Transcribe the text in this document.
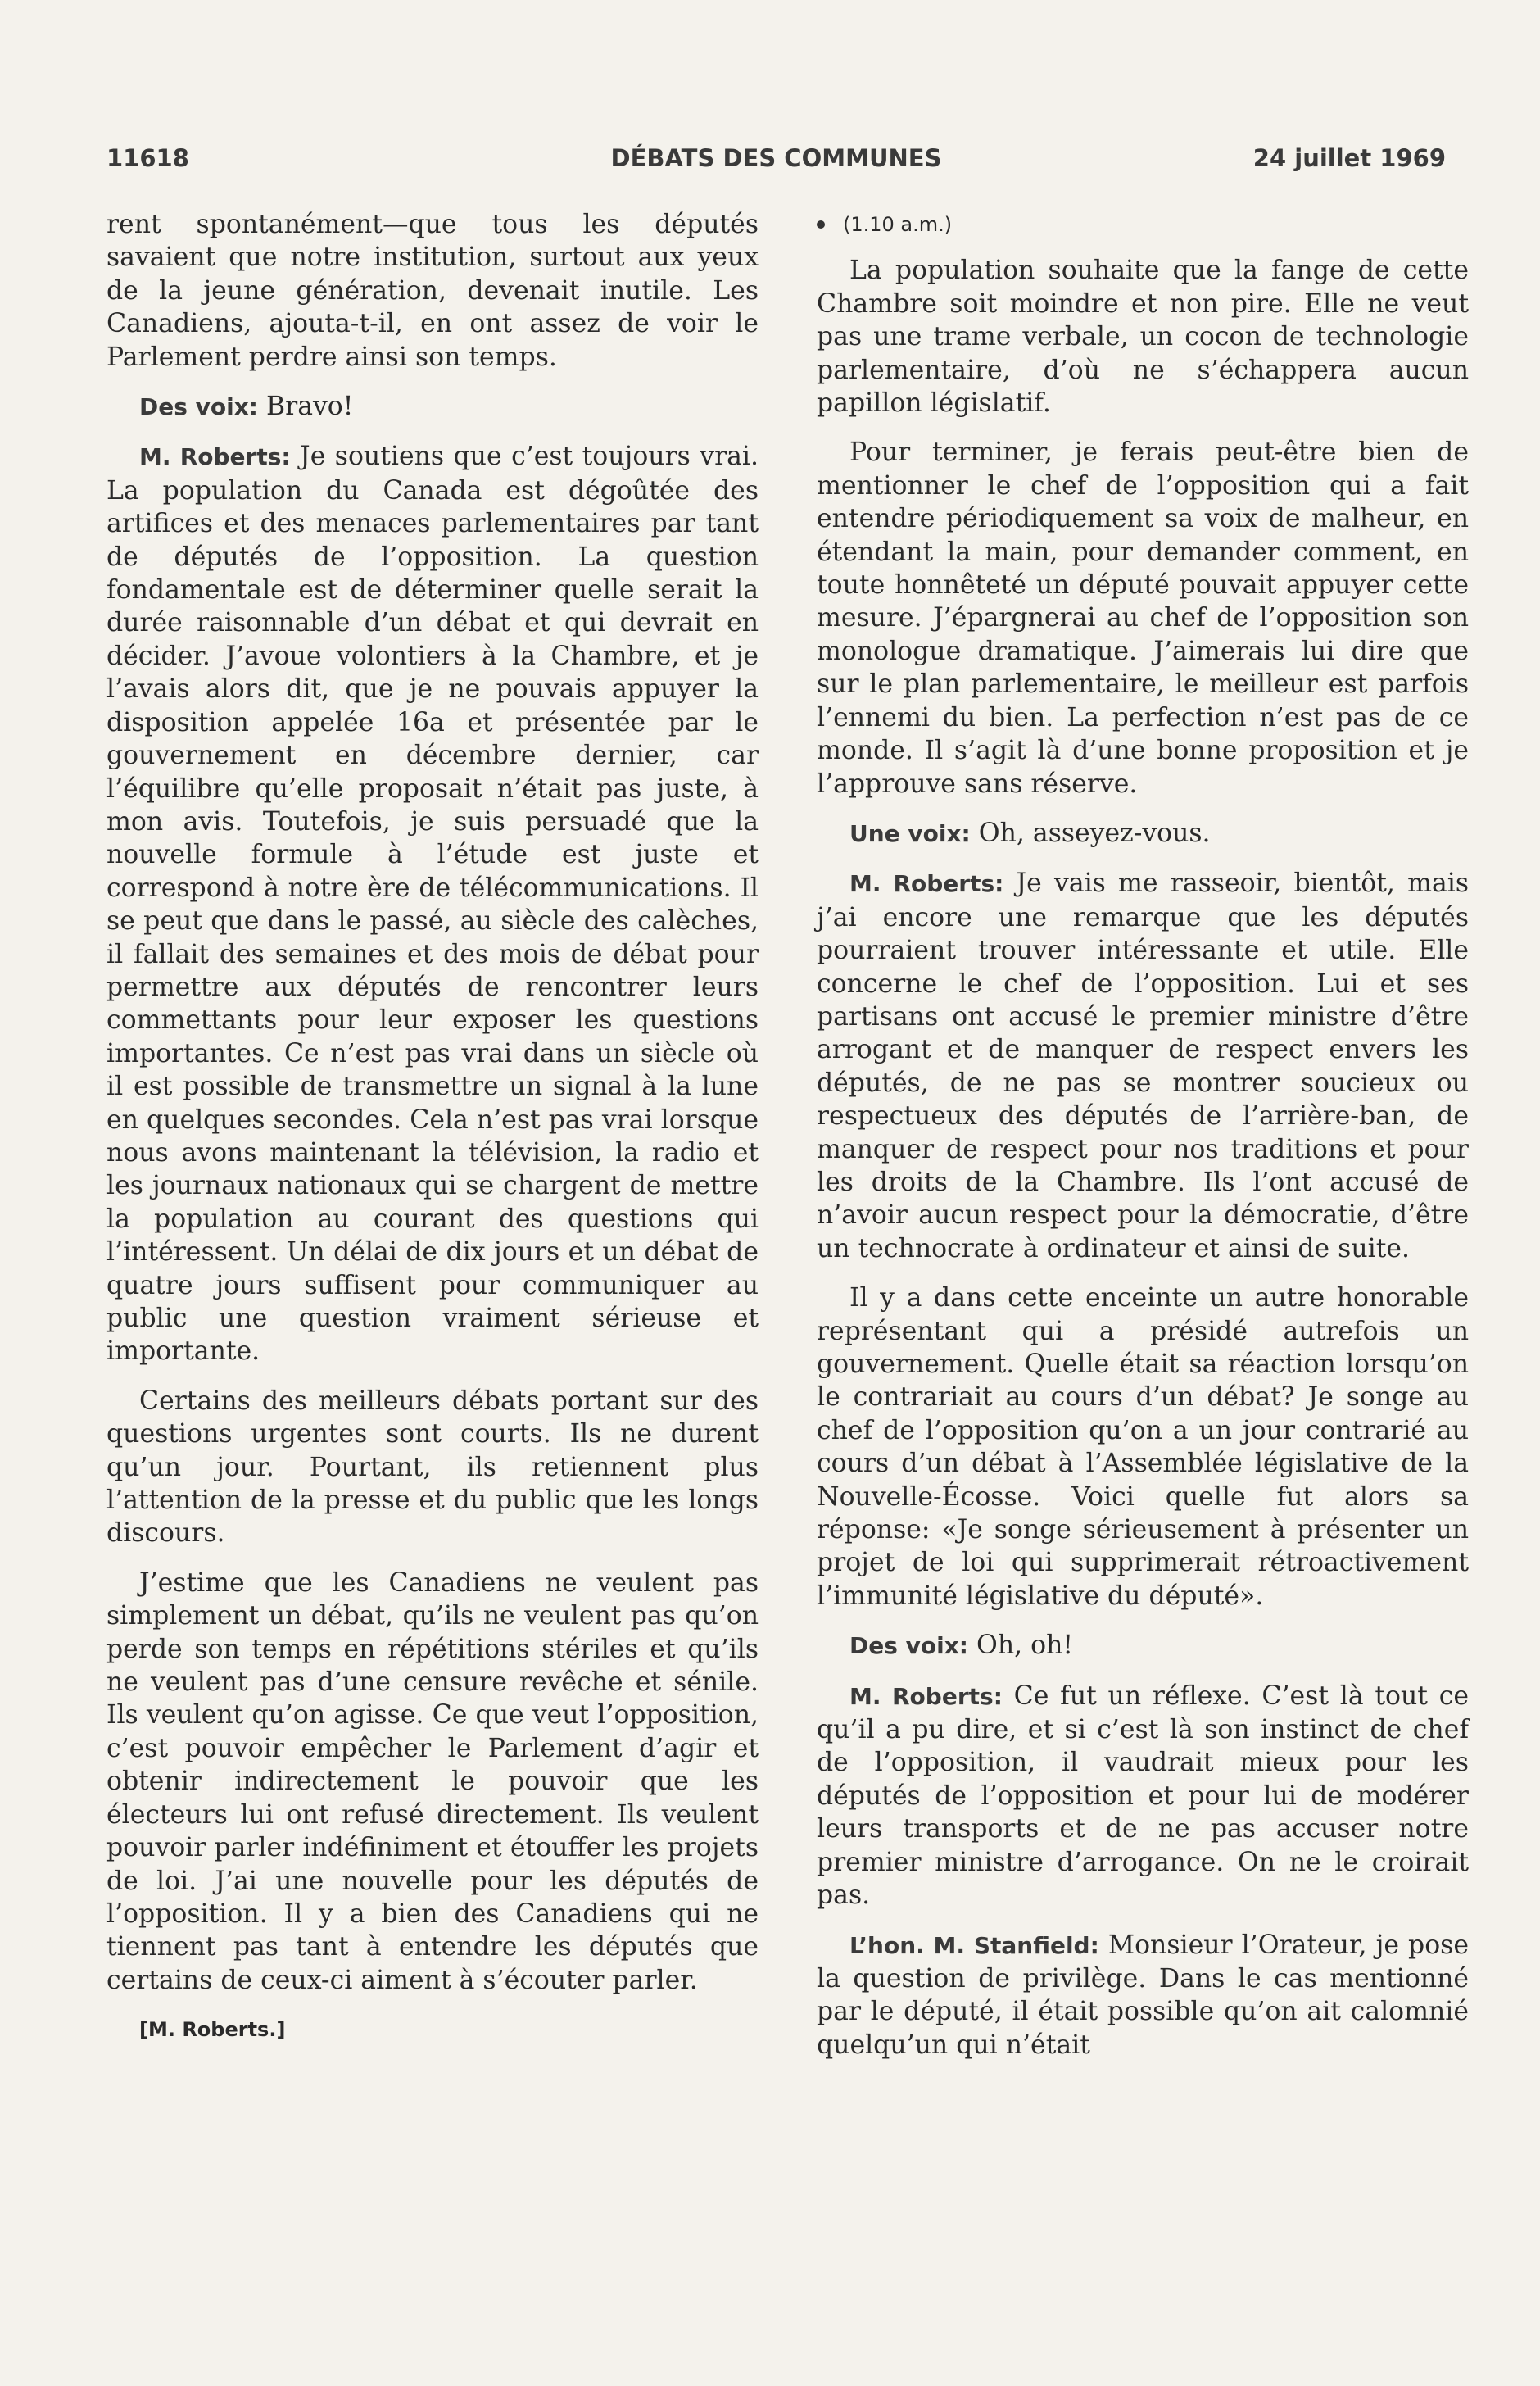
11618	DÉBATS DES COMMUNES	24 juillet 1969

rent spontanément—que tous les députés savaient que notre institution, surtout aux yeux de la jeune génération, devenait inutile. Les Canadiens, ajouta-t-il, en ont assez de voir le Parlement perdre ainsi son temps.

Des voix: Bravo!

M. Roberts: Je soutiens que c’est toujours vrai. La population du Canada est dégoûtée des artifices et des menaces parlementaires par tant de députés de l’opposition. La question fondamentale est de déterminer quelle serait la durée raisonnable d’un débat et qui devrait en décider. J’avoue volontiers à la Chambre, et je l’avais alors dit, que je ne pouvais appuyer la disposition appelée 16a et présentée par le gouvernement en décembre dernier, car l’équilibre qu’elle proposait n’était pas juste, à mon avis. Toutefois, je suis persuadé que la nouvelle formule à l’étude est juste et correspond à notre ère de télécommunications. Il se peut que dans le passé, au siècle des calèches, il fallait des semaines et des mois de débat pour permettre aux députés de rencontrer leurs commettants pour leur exposer les questions importantes. Ce n’est pas vrai dans un siècle où il est possible de transmettre un signal à la lune en quelques secondes. Cela n’est pas vrai lorsque nous avons maintenant la télévision, la radio et les journaux nationaux qui se chargent de mettre la population au courant des questions qui l’intéressent. Un délai de dix jours et un débat de quatre jours suffisent pour communiquer au public une question vraiment sérieuse et importante.

Certains des meilleurs débats portant sur des questions urgentes sont courts. Ils ne durent qu’un jour. Pourtant, ils retiennent plus l’attention de la presse et du public que les longs discours.

J’estime que les Canadiens ne veulent pas simplement un débat, qu’ils ne veulent pas qu’on perde son temps en répétitions stériles et qu’ils ne veulent pas d’une censure revêche et sénile. Ils veulent qu’on agisse. Ce que veut l’opposition, c’est pouvoir empêcher le Parlement d’agir et obtenir indirectement le pouvoir que les électeurs lui ont refusé directement. Ils veulent pouvoir parler indéfiniment et étouffer les projets de loi. J’ai une nouvelle pour les députés de l’opposition. Il y a bien des Canadiens qui ne tiennent pas tant à entendre les députés que certains de ceux-ci aiment à s’écouter parler.

[M. Roberts.]
(1.10 a.m.)

La population souhaite que la fange de cette Chambre soit moindre et non pire. Elle ne veut pas une trame verbale, un cocon de technologie parlementaire, d’où ne s’échappera aucun papillon législatif.

Pour terminer, je ferais peut-être bien de mentionner le chef de l’opposition qui a fait entendre périodiquement sa voix de malheur, en étendant la main, pour demander comment, en toute honnêteté un député pouvait appuyer cette mesure. J’épargnerai au chef de l’opposition son monologue dramatique. J’aimerais lui dire que sur le plan parlementaire, le meilleur est parfois l’ennemi du bien. La perfection n’est pas de ce monde. Il s’agit là d’une bonne proposition et je l’approuve sans réserve.

Une voix: Oh, asseyez-vous.

M. Roberts: Je vais me rasseoir, bientôt, mais j’ai encore une remarque que les députés pourraient trouver intéressante et utile. Elle concerne le chef de l’opposition. Lui et ses partisans ont accusé le premier ministre d’être arrogant et de manquer de respect envers les députés, de ne pas se montrer soucieux ou respectueux des députés de l’arrière-ban, de manquer de respect pour nos traditions et pour les droits de la Chambre. Ils l’ont accusé de n’avoir aucun respect pour la démocratie, d’être un technocrate à ordinateur et ainsi de suite.

Il y a dans cette enceinte un autre honorable représentant qui a présidé autrefois un gouvernement. Quelle était sa réaction lorsqu’on le contrariait au cours d’un débat? Je songe au chef de l’opposition qu’on a un jour contrarié au cours d’un débat à l’Assemblée législative de la Nouvelle-Écosse. Voici quelle fut alors sa réponse: «Je songe sérieusement à présenter un projet de loi qui supprimerait rétroactivement l’immunité législative du député».

Des voix: Oh, oh!

M. Roberts: Ce fut un réflexe. C’est là tout ce qu’il a pu dire, et si c’est là son instinct de chef de l’opposition, il vaudrait mieux pour les députés de l’opposition et pour lui de modérer leurs transports et de ne pas accuser notre premier ministre d’arrogance. On ne le croirait pas.

L’hon. M. Stanfield: Monsieur l’Orateur, je pose la question de privilège. Dans le cas mentionné par le député, il était possible qu’on ait calomnié quelqu’un qui n’était
